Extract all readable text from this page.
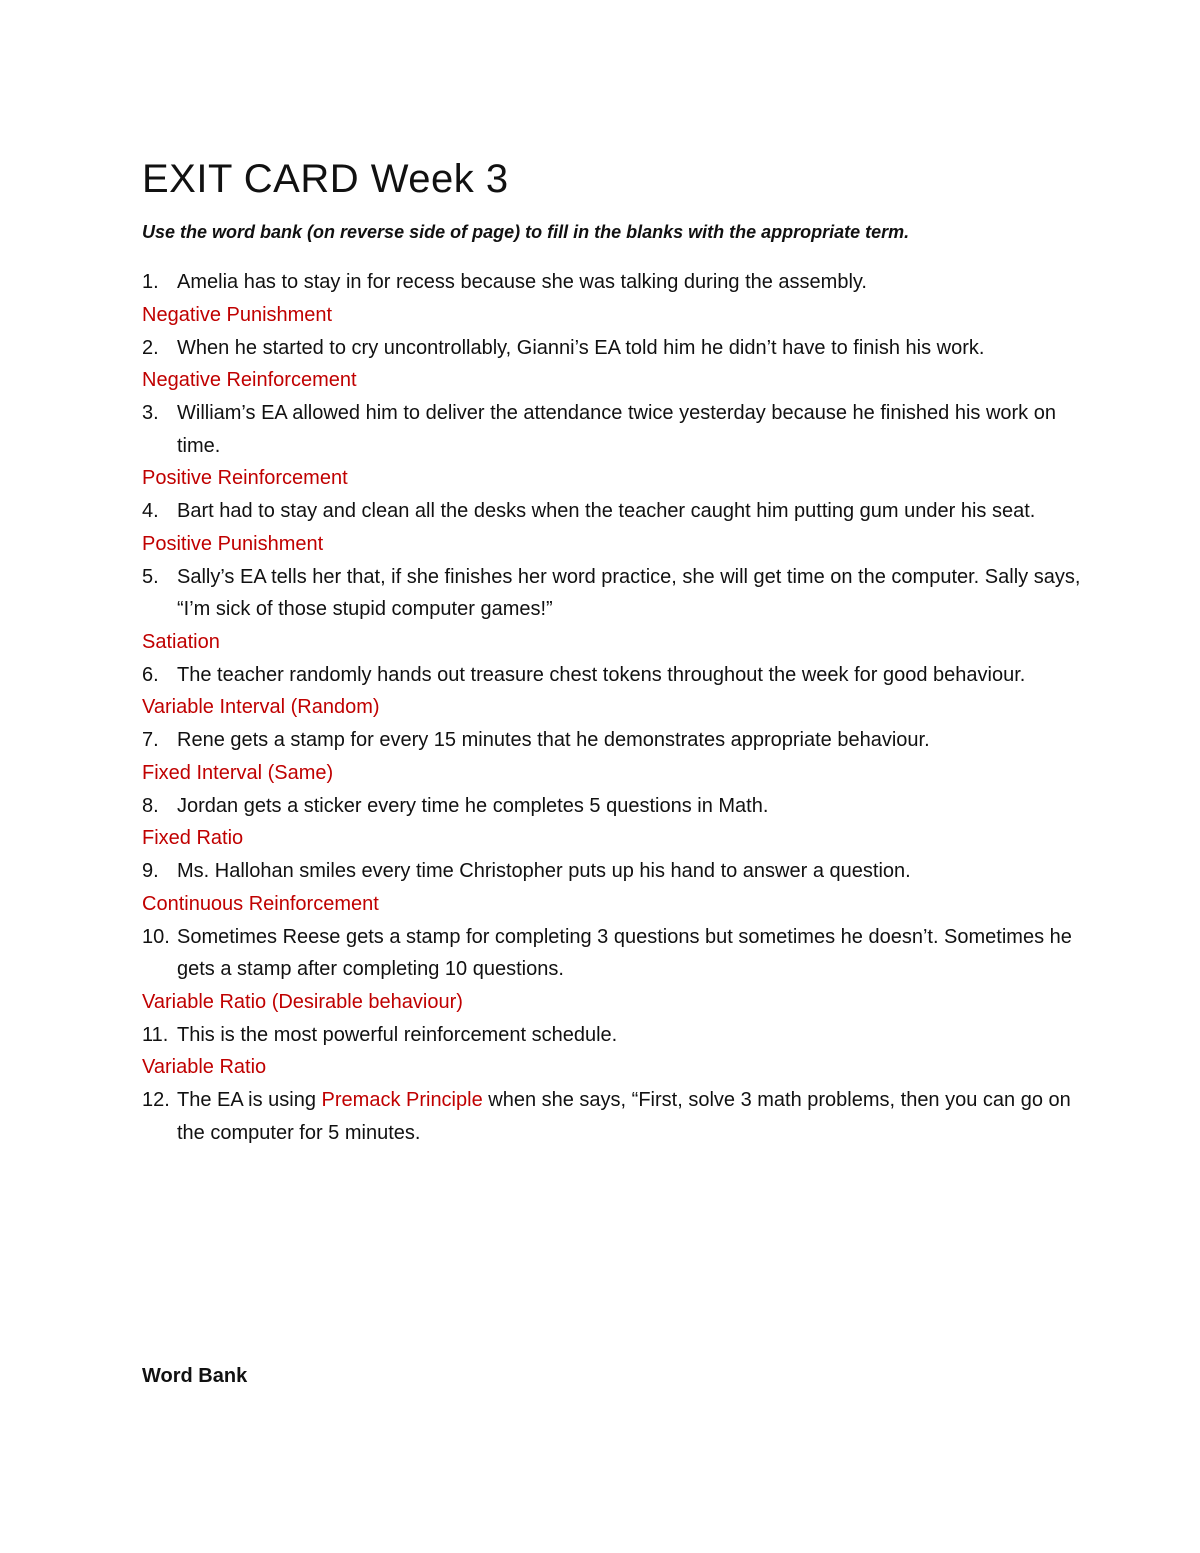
EXIT CARD Week 3
Use the word bank (on reverse side of page) to fill in the blanks with the appropriate term.
1. Amelia has to stay in for recess because she was talking during the assembly.
Negative Punishment
2. When he started to cry uncontrollably, Gianni’s EA told him he didn’t have to finish his work.
Negative Reinforcement
3. William’s EA allowed him to deliver the attendance twice yesterday because he finished his work on time.
Positive Reinforcement
4. Bart had to stay and clean all the desks when the teacher caught him putting gum under his seat.
Positive Punishment
5. Sally’s EA tells her that, if she finishes her word practice, she will get time on the computer. Sally says, “I’m sick of those stupid computer games!”
Satiation
6. The teacher randomly hands out treasure chest tokens throughout the week for good behaviour.
Variable Interval (Random)
7. Rene gets a stamp for every 15 minutes that he demonstrates appropriate behaviour.
Fixed Interval (Same)
8. Jordan gets a sticker every time he completes 5 questions in Math.
Fixed Ratio
9. Ms. Hallohan smiles every time Christopher puts up his hand to answer a question.
Continuous Reinforcement
10. Sometimes Reese gets a stamp for completing 3 questions but sometimes he doesn’t. Sometimes he gets a stamp after completing 10 questions.
Variable Ratio (Desirable behaviour)
11. This is the most powerful reinforcement schedule.
Variable Ratio
12. The EA is using Premack Principle when she says, “First, solve 3 math problems, then you can go on the computer for 5 minutes.
Word Bank
